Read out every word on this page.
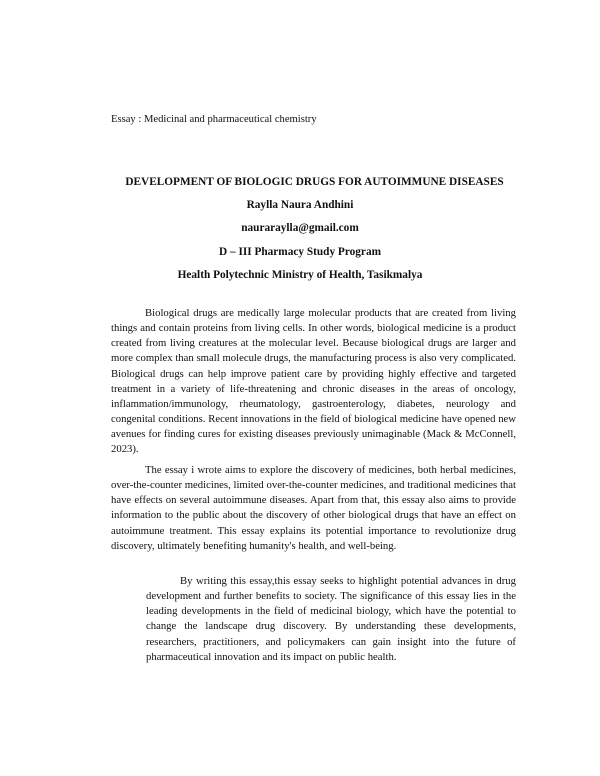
Essay : Medicinal and pharmaceutical chemistry

DEVELOPMENT OF BIOLOGIC DRUGS FOR AUTOIMMUNE DISEASES
Raylla Naura Andhini
nauraraylla@gmail.com
D – III Pharmacy Study Program
Health Polytechnic Ministry of Health, Tasikmalya

Biological drugs are medically large molecular products that are created from living things and contain proteins from living cells. In other words, biological medicine is a product created from living creatures at the molecular level. Because biological drugs are larger and more complex than small molecule drugs, the manufacturing process is also very complicated. Biological drugs can help improve patient care by providing highly effective and targeted treatment in a variety of life-threatening and chronic diseases in the areas of oncology, inflammation/immunology, rheumatology, gastroenterology, diabetes, neurology and congenital conditions. Recent innovations in the field of biological medicine have opened new avenues for finding cures for existing diseases previously unimaginable (Mack & McConnell, 2023).

The essay i wrote aims to explore the discovery of medicines, both herbal medicines, over-the-counter medicines, limited over-the-counter medicines, and traditional medicines that have effects on several autoimmune diseases. Apart from that, this essay also aims to provide information to the public about the discovery of other biological drugs that have an effect on autoimmune treatment. This essay explains its potential importance to revolutionize drug discovery, ultimately benefiting humanity's health, and well-being.

By writing this essay,this essay seeks to highlight potential advances in drug development and further benefits to society. The significance of this essay lies in the leading developments in the field of medicinal biology, which have the potential to change the landscape drug discovery. By understanding these developments, researchers, practitioners, and policymakers can gain insight into the future of pharmaceutical innovation and its impact on public health.
